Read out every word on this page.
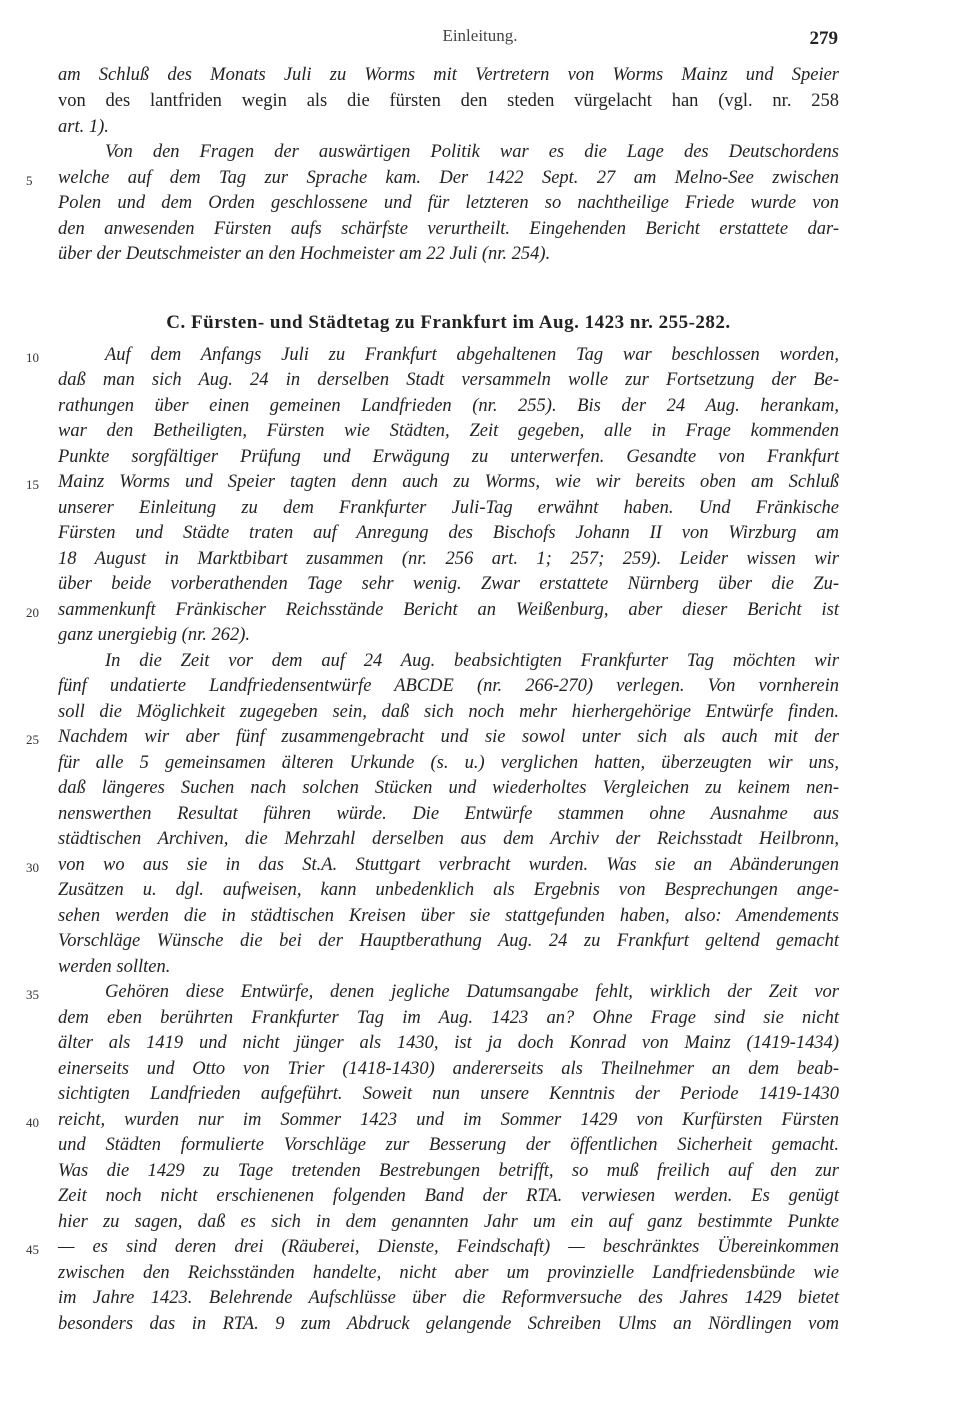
Einleitung.	279
am Schluß des Monats Juli zu Worms mit Vertretern von Worms Mainz und Speier
von des lantfriden wegin als die fürsten den steden vürgelacht han (vgl. nr. 258
art. 1).
Von den Fragen der auswärtigen Politik war es die Lage des Deutschordens
welche auf dem Tag zur Sprache kam. Der 1422 Sept. 27 am Melno-See zwischen
Polen und dem Orden geschlossene und für letzteren so nachtheilige Friede wurde von
den anwesenden Fürsten aufs schärfste verurtheilt. Eingehenden Bericht erstattete dar-
über der Deutschmeister an den Hochmeister am 22 Juli (nr. 254).
Auf dem Anfangs Juli zu Frankfurt abgehaltenen Tag war beschlossen worden,
daß man sich Aug. 24 in derselben Stadt versammeln wolle zur Fortsetzung der Be-
rathungen über einen gemeinen Landfrieden (nr. 255). Bis der 24 Aug. herankam,
war den Betheiligten, Fürsten wie Städten, Zeit gegeben, alle in Frage kommenden
Punkte sorgfältiger Prüfung und Erwägung zu unterwerfen. Gesandte von Frankfurt
Mainz Worms und Speier tagten denn auch zu Worms, wie wir bereits oben am Schluß
unserer Einleitung zu dem Frankfurter Juli-Tag erwähnt haben. Und Fränkische
Fürsten und Städte traten auf Anregung des Bischofs Johann II von Wirzburg am
18 August in Marktbibart zusammen (nr. 256 art. 1; 257; 259). Leider wissen wir
über beide vorberathenden Tage sehr wenig. Zwar erstattete Nürnberg über die Zu-
sammenkunft Fränkischer Reichsstände Bericht an Weißenburg, aber dieser Bericht ist
ganz unergiebig (nr. 262).
In die Zeit vor dem auf 24 Aug. beabsichtigten Frankfurter Tag möchten wir
fünf undatierte Landfriedensentwürfe ABCDE (nr. 266-270) verlegen. Von vornherein
soll die Möglichkeit zugegeben sein, daß sich noch mehr hierhergehörige Entwürfe finden.
Nachdem wir aber fünf zusammengebracht und sie sowol unter sich als auch mit der
für alle 5 gemeinsamen älteren Urkunde (s. u.) verglichen hatten, überzeugten wir uns,
daß längeres Suchen nach solchen Stücken und wiederholtes Vergleichen zu keinem nen-
nenswerthen Resultat führen würde. Die Entwürfe stammen ohne Ausnahme aus
städtischen Archiven, die Mehrzahl derselben aus dem Archiv der Reichsstadt Heilbronn,
von wo aus sie in das St.A. Stuttgart verbracht wurden. Was sie an Abänderungen
Zusätzen u. dgl. aufweisen, kann unbedenklich als Ergebnis von Besprechungen ange-
sehen werden die in städtischen Kreisen über sie stattgefunden haben, also: Amendements
Vorschläge Wünsche die bei der Hauptberathung Aug. 24 zu Frankfurt geltend gemacht
werden sollten.
Gehören diese Entwürfe, denen jegliche Datumsangabe fehlt, wirklich der Zeit vor
dem eben berührten Frankfurter Tag im Aug. 1423 an? Ohne Frage sind sie nicht
älter als 1419 und nicht jünger als 1430, ist ja doch Konrad von Mainz (1419-1434)
einerseits und Otto von Trier (1418-1430) andererseits als Theilnehmer an dem beab-
sichtigten Landfrieden aufgeführt. Soweit nun unsere Kenntnis der Periode 1419-1430
reicht, wurden nur im Sommer 1423 und im Sommer 1429 von Kurfürsten Fürsten
und Städten formulierte Vorschläge zur Besserung der öffentlichen Sicherheit gemacht.
Was die 1429 zu Tage tretenden Bestrebungen betrifft, so muß freilich auf den zur
Zeit noch nicht erschienenen folgenden Band der RTA. verwiesen werden. Es genügt
hier zu sagen, daß es sich in dem genannten Jahr um ein auf ganz bestimmte Punkte
— es sind deren drei (Räuberei, Dienste, Feindschaft) — beschränktes Übereinkommen
zwischen den Reichsständen handelte, nicht aber um provinzielle Landfriedensbünde wie
im Jahre 1423. Belehrende Aufschlüsse über die Reformversuche des Jahres 1429 bietet
besonders das in RTA. 9 zum Abdruck gelangende Schreiben Ulms an Nördlingen vom
C. Fürsten- und Städtetag zu Frankfurt im Aug. 1423 nr. 255-282.
5
10
15
20
25
30
35
40
45
